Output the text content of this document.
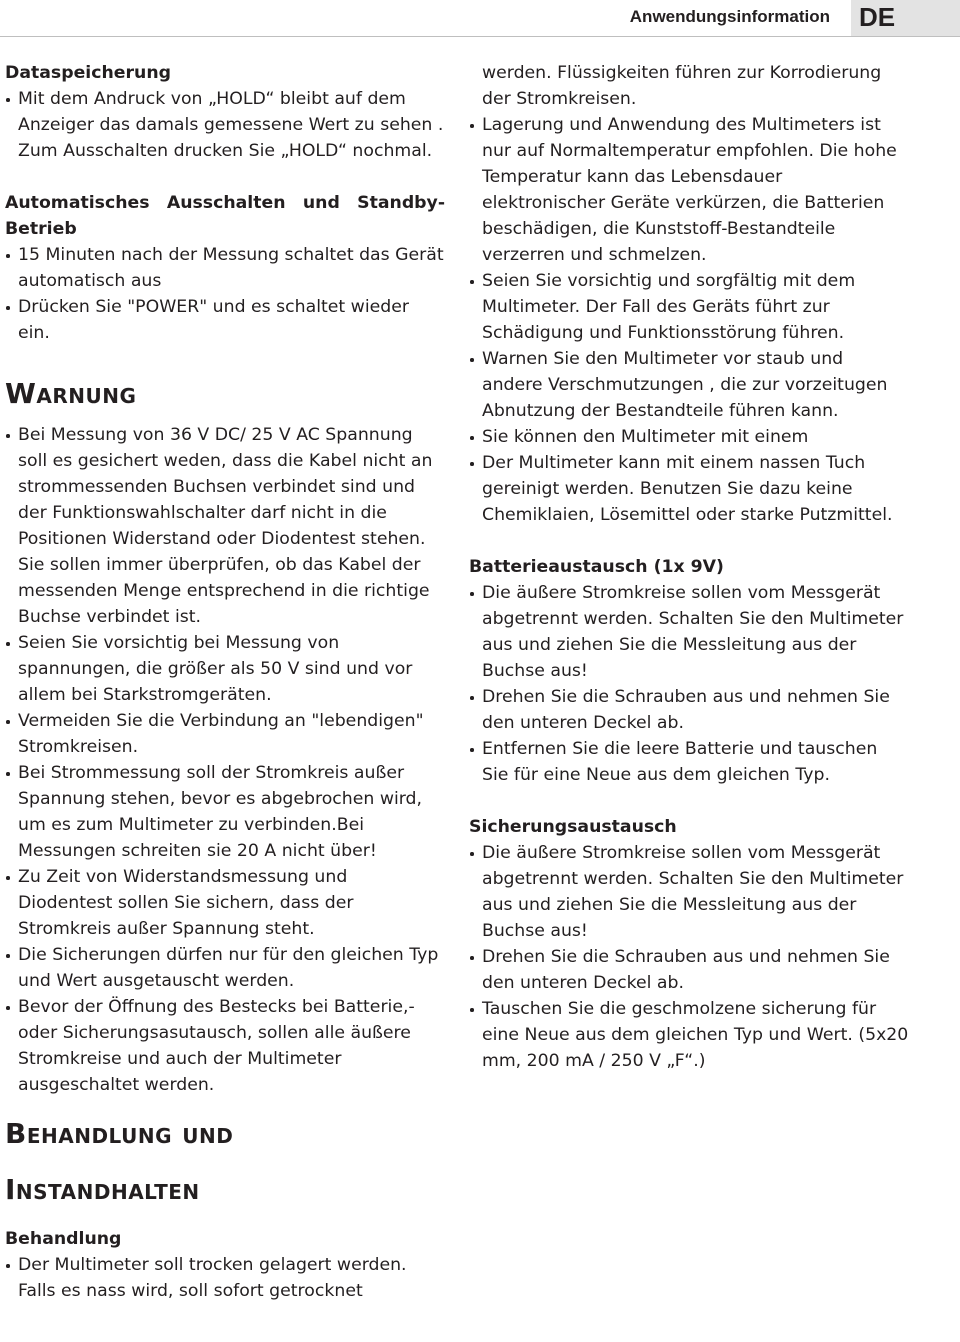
Anwendungsinformation DE
Dataspeicherung
Mit dem Andruck von „HOLD“ bleibt auf dem Anzeiger das damals gemessene Wert zu sehen . Zum Ausschalten drucken Sie „HOLD“ nochmal.
Automatisches Ausschalten und Standby-
Betrieb
15 Minuten nach der Messung schaltet das Gerät automatisch aus
Drücken Sie "POWER" und es schaltet wieder ein.
Warnung
Bei Messung von 36 V DC/ 25 V AC Spannung soll es gesichert weden, dass die Kabel nicht an strommessenden Buchsen verbindet sind und der Funktionswahlschalter darf nicht in die Positionen Widerstand oder Diodentest stehen. Sie sollen immer überprüfen, ob das Kabel der messenden Menge entsprechend in die richtige Buchse verbindet ist.
Seien Sie vorsichtig bei Messung von spannungen, die größer als 50 V sind und vor allem bei Starkstromgeräten.
Vermeiden Sie die Verbindung an "lebendigen" Stromkreisen.
Bei Strommessung soll der Stromkreis außer Spannung stehen, bevor es abgebrochen wird, um es zum Multimeter zu verbinden.Bei Messungen schreiten sie 20 A nicht über!
Zu Zeit von Widerstandsmessung und Diodentest sollen Sie sichern, dass der Stromkreis außer Spannung steht.
Die Sicherungen dürfen nur für den gleichen Typ und Wert ausgetauscht werden.
Bevor der Öffnung des Bestecks bei Batterie,-oder Sicherungsasutausch, sollen alle äußere Stromkreise und auch der Multimeter ausgeschaltet werden.
Behandlung und
Instandhalten
Behandlung
Der Multimeter soll trocken gelagert werden. Falls es nass wird, soll sofort getrocknet
werden. Flüssigkeiten führen zur Korrodierung der Stromkreisen.
Lagerung und Anwendung des Multimeters ist nur auf Normaltemperatur empfohlen. Die hohe Temperatur kann das Lebensdauer elektronischer Geräte verkürzen, die Batterien beschädigen, die Kunststoff-Bestandteile verzerren und schmelzen.
Seien Sie vorsichtig und sorgfältig mit dem Multimeter. Der Fall des Geräts führt zur Schädigung und Funktionsstörung führen.
Warnen Sie den Multimeter vor staub und andere Verschmutzungen , die zur vorzeitugen Abnutzung der Bestandteile führen kann.
Sie können den Multimeter mit einem
Der Multimeter kann mit einem nassen Tuch gereinigt werden. Benutzen Sie dazu keine Chemiklaien, Lösemittel oder starke Putzmittel.
Batterieaustausch (1x 9V)
Die äußere Stromkreise sollen vom Messgerät abgetrennt werden. Schalten Sie den Multimeter aus und ziehen Sie die Messleitung aus der Buchse aus!
Drehen Sie die Schrauben aus und nehmen Sie den unteren Deckel ab.
Entfernen Sie die leere Batterie und tauschen Sie für eine Neue aus dem gleichen Typ.
Sicherungsaustausch
Die äußere Stromkreise sollen vom Messgerät abgetrennt werden. Schalten Sie den Multimeter aus und ziehen Sie die Messleitung aus der Buchse aus!
Drehen Sie die Schrauben aus und nehmen Sie den unteren Deckel ab.
Tauschen Sie die geschmolzene sicherung für eine Neue aus dem gleichen Typ und Wert. (5x20 mm, 200 mA / 250 V „F“.)
